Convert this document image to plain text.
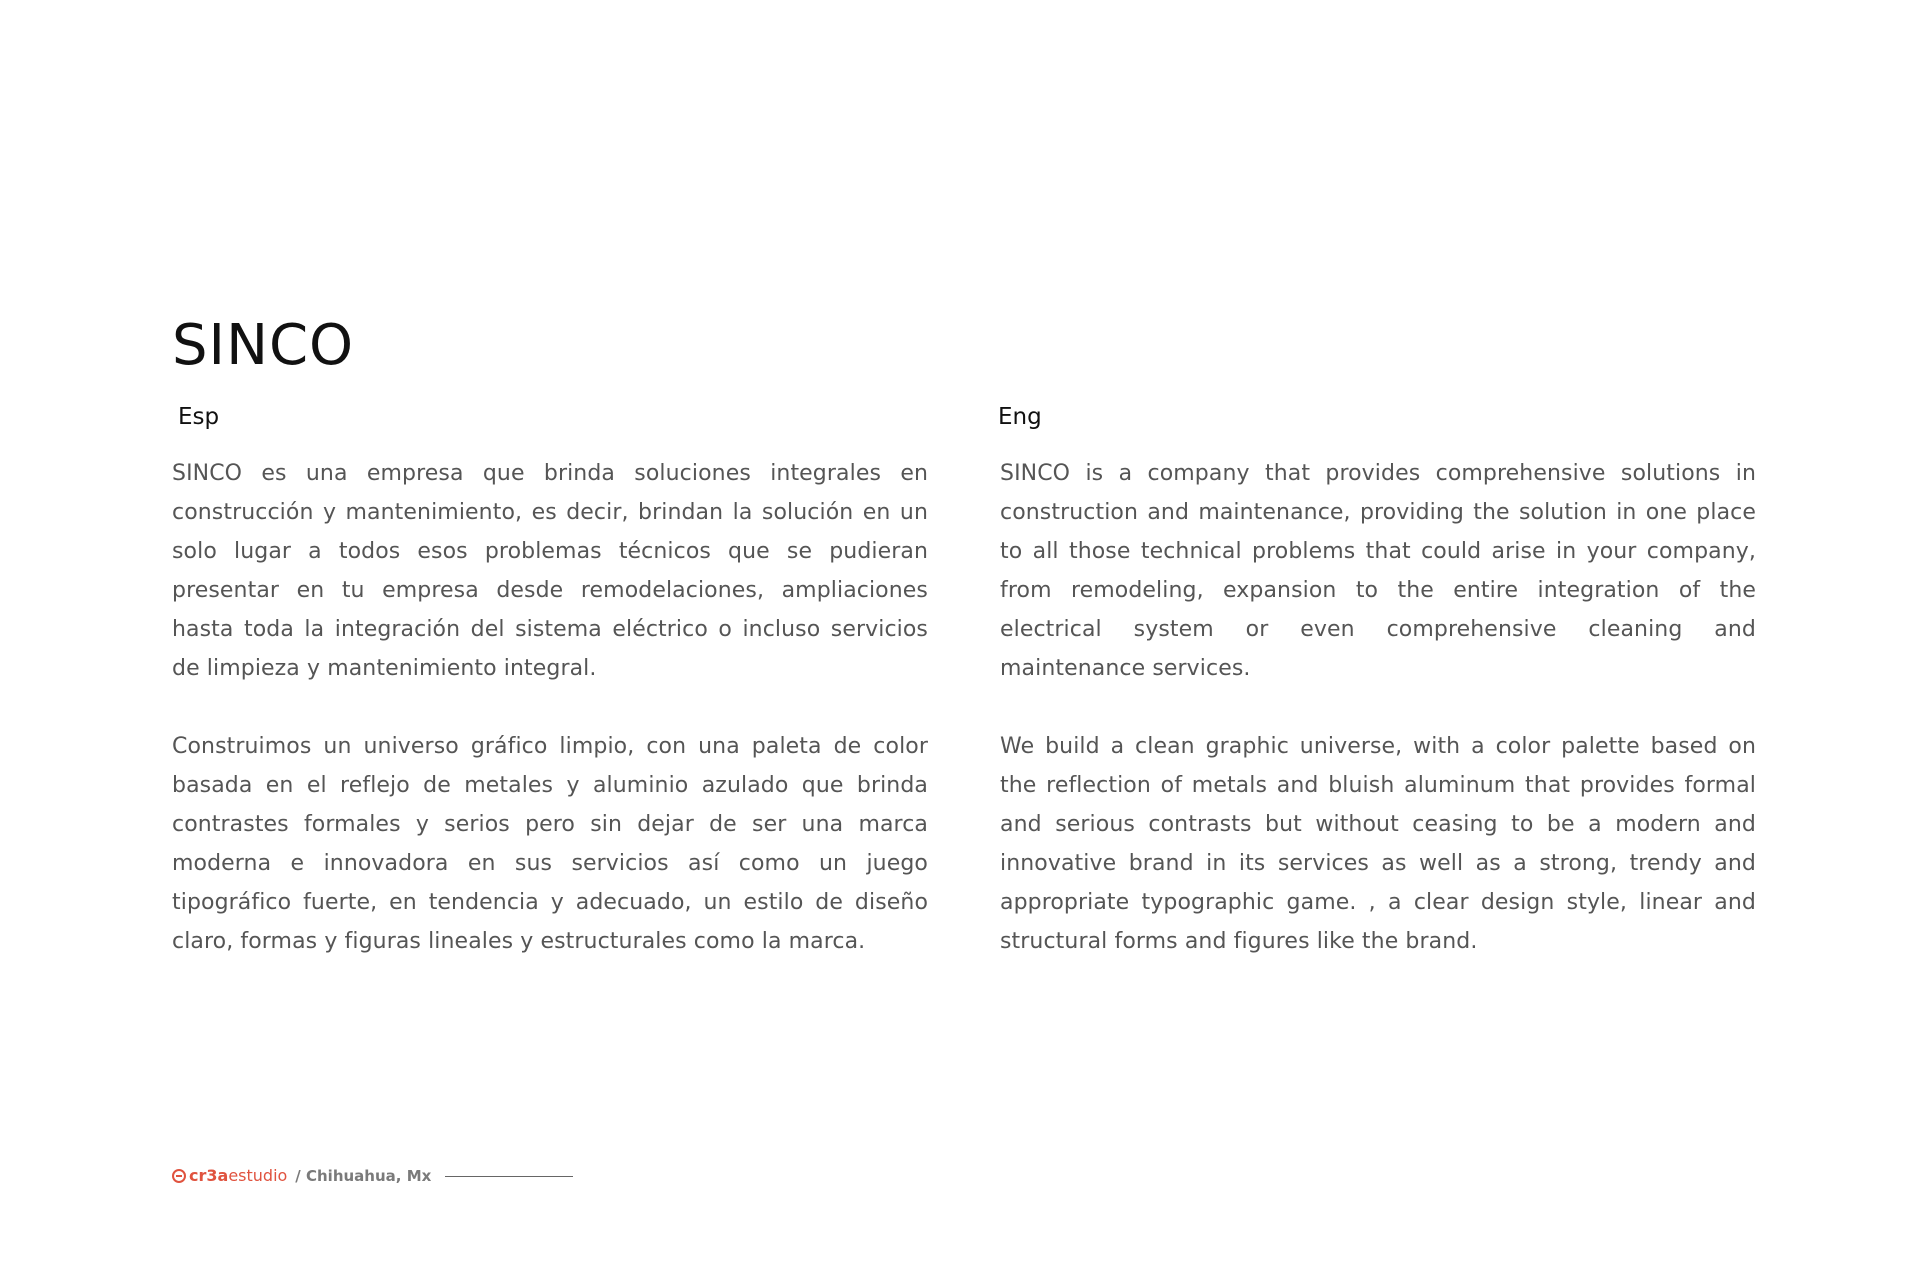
SINCO
Esp

SINCO es una empresa que brinda soluciones integrales en construcción y mantenimiento, es decir, brindan la solución en un solo lugar a todos esos problemas técnicos que se pudieran presentar en tu empresa desde remodelaciones, ampliaciones hasta toda la integración del sistema eléctrico o incluso servicios de limpieza y mantenimiento integral.

Construimos un universo gráfico limpio, con una paleta de color basada en el reflejo de metales y aluminio azulado que brinda contrastes formales y serios pero sin dejar de ser una marca moderna e innovadora en sus servicios así como un juego tipográfico fuerte, en tendencia y adecuado, un estilo de diseño claro, formas y figuras lineales y estructurales como la marca.

Eng

SINCO is a company that provides comprehensive solutions in construction and maintenance, providing the solution in one place to all those technical problems that could arise in your company, from remodeling, expansion to the entire integration of the electrical system or even comprehensive cleaning and maintenance services.

We build a clean graphic universe, with a color palette based on the reflection of metals and bluish aluminum that provides formal and serious contrasts but without ceasing to be a modern and innovative brand in its services as well as a strong, trendy and appropriate typographic game. , a clear design style, linear and structural forms and figures like the brand.

cr3a estudio / Chihuahua, Mx
